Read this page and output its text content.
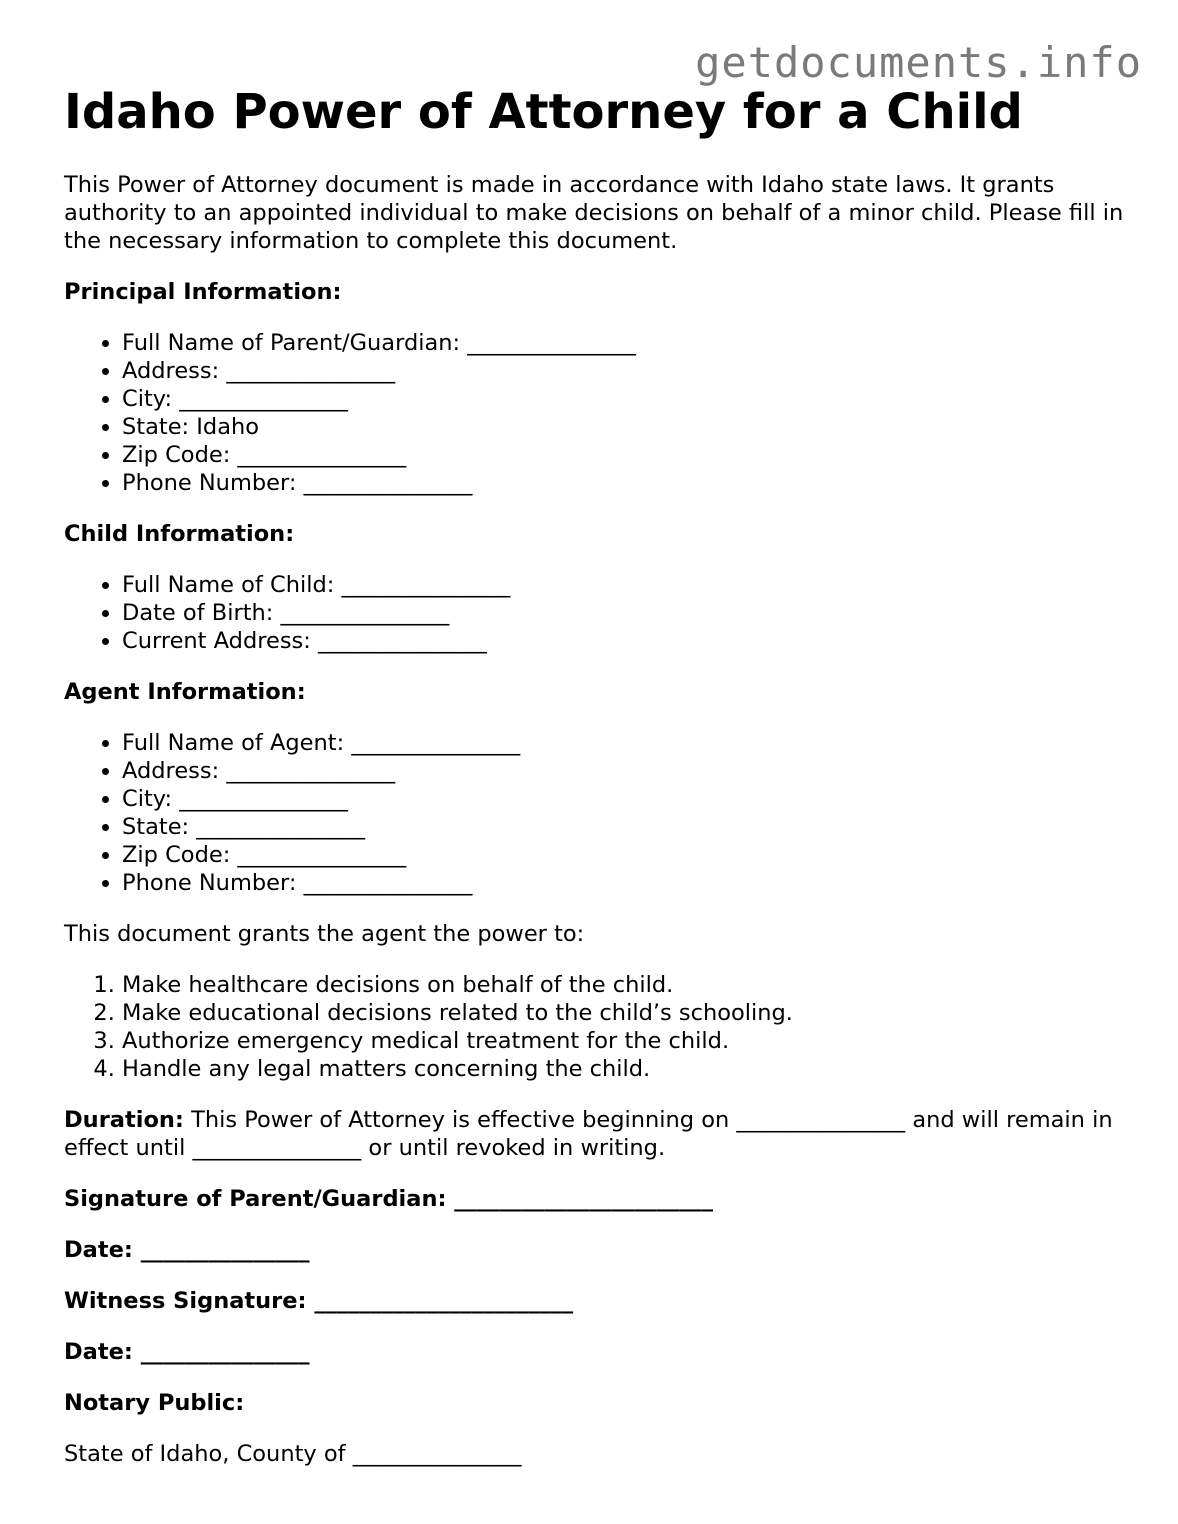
getdocuments.info
Idaho Power of Attorney for a Child

This Power of Attorney document is made in accordance with Idaho state laws. It grants authority to an appointed individual to make decisions on behalf of a minor child. Please fill in the necessary information to complete this document.

Principal Information:

• Full Name of Parent/Guardian: _______________
• Address: _______________
• City: _______________
• State: Idaho
• Zip Code: _______________
• Phone Number: _______________

Child Information:

• Full Name of Child: _______________
• Date of Birth: _______________
• Current Address: _______________

Agent Information:

• Full Name of Agent: _______________
• Address: _______________
• City: _______________
• State: _______________
• Zip Code: _______________
• Phone Number: _______________

This document grants the agent the power to:

1. Make healthcare decisions on behalf of the child.
2. Make educational decisions related to the child’s schooling.
3. Authorize emergency medical treatment for the child.
4. Handle any legal matters concerning the child.

Duration: This Power of Attorney is effective beginning on _______________ and will remain in effect until _______________ or until revoked in writing.

Signature of Parent/Guardian: _______________________

Date: _______________

Witness Signature: _______________________

Date: _______________

Notary Public:

State of Idaho, County of _______________
